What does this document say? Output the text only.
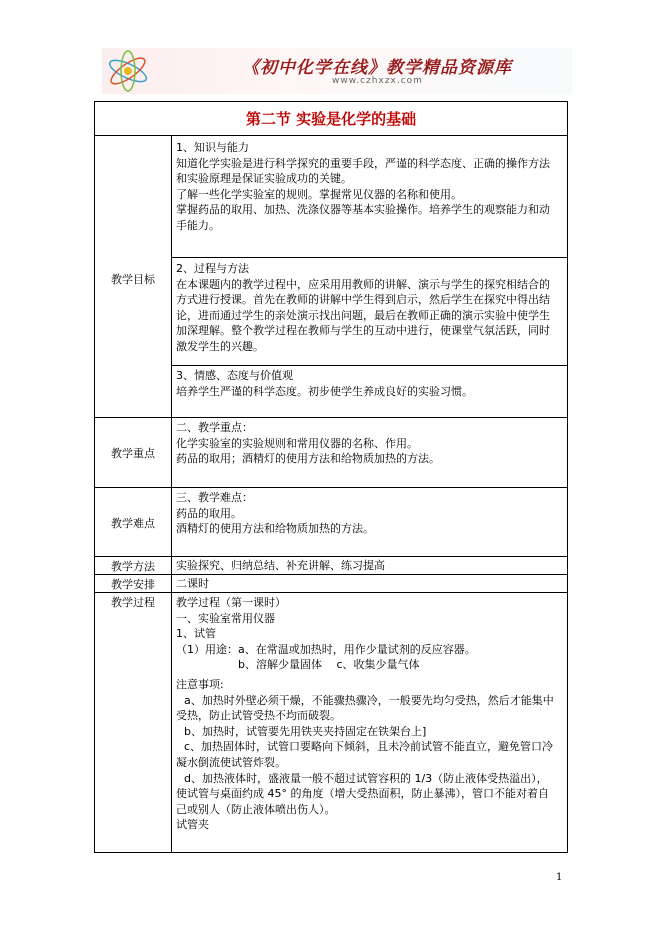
《初中化学在线》教学精品资源库
www.czhxzx.com
第二节 实验是化学的基础
教学目标
教学重点
教学难点
教学方法
教学安排
教学过程

1、知识与能力

知道化学实验是进行科学探究的重要手段，严谨的科学态度、正确的操作方法

和实验原理是保证实验成功的关键。

了解一些化学实验室的规则。掌握常见仪器的名称和使用。

掌握药品的取用、加热、洗涤仪器等基本实验操作。培养学生的观察能力和动

手能力。

2、过程与方法

在本课题内的教学过程中，应采用用教师的讲解、演示与学生的探究相结合的

方式进行授课。首先在教师的讲解中学生得到启示，然后学生在探究中得出结

论，进而通过学生的亲处演示找出问题，最后在教师正确的演示实验中使学生

加深理解。整个教学过程在教师与学生的互动中进行，使课堂气氛活跃，同时

激发学生的兴趣。

3、情感、态度与价值观

培养学生严谨的科学态度。初步使学生养成良好的实验习惯。

二、教学重点：

化学实验室的实验规则和常用仪器的名称、作用。

药品的取用；酒精灯的使用方法和给物质加热的方法。

三、教学难点：

药品的取用。

酒精灯的使用方法和给物质加热的方法。

实验探究、归纳总结、补充讲解、练习提高
二课时

教学过程（第一课时）

一、实验室常用仪器

1、试管

（1）用途：a、在常温或加热时，用作少量试剂的反应容器。

b、溶解少量固体　 c、收集少量气体

注意事项:

a、加热时外壁必须干燥，不能骤热骤冷，一般要先均匀受热，然后才能集中

受热，防止试管受热不均而破裂。

b、加热时，试管要先用铁夹夹持固定在铁架台上]

c、加热固体时，试管口要略向下倾斜，且未冷前试管不能直立，避免管口冷

凝水倒流使试管炸裂。

d、加热液体时，盛液量一般不超过试管容积的 1/3（防止液体受热溢出），

使试管与桌面约成 45° 的角度（增大受热面积，防止暴沸），管口不能对着自

己或别人（防止液体喷出伤人）。

试管夹

1
